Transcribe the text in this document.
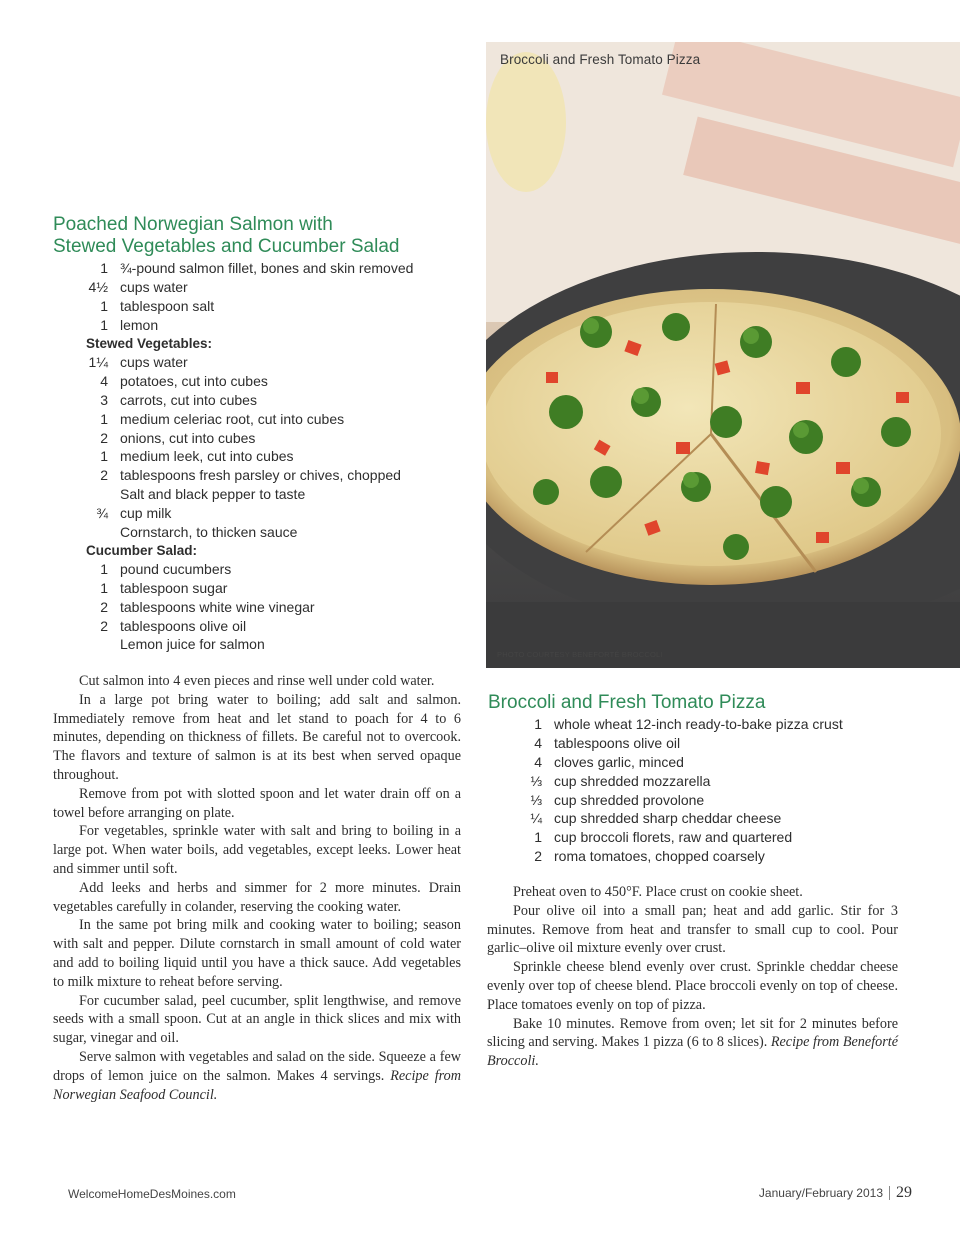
Broccoli and Fresh Tomato Pizza
PHOTO COURTESY BENEFORTÉ BROCCOLI
Poached Norwegian Salmon with
Stewed Vegetables and Cucumber Salad
1 ¾-pound salmon fillet, bones and skin removed
4½ cups water
1 tablespoon salt
1 lemon
Stewed Vegetables:
1¼ cups water
4 potatoes, cut into cubes
3 carrots, cut into cubes
1 medium celeriac root, cut into cubes
2 onions, cut into cubes
1 medium leek, cut into cubes
2 tablespoons fresh parsley or chives, chopped
Salt and black pepper to taste
¾ cup milk
Cornstarch, to thicken sauce
Cucumber Salad:
1 pound cucumbers
1 tablespoon sugar
2 tablespoons white wine vinegar
2 tablespoons olive oil
Lemon juice for salmon

Cut salmon into 4 even pieces and rinse well under cold water.

In a large pot bring water to boiling; add salt and salmon. Immediately remove from heat and let stand to poach for 4 to 6 minutes, depending on thickness of fillets. Be careful not to overcook. The flavors and texture of salmon is at its best when served opaque throughout.

Remove from pot with slotted spoon and let water drain off on a towel before arranging on plate.

For vegetables, sprinkle water with salt and bring to boiling in a large pot. When water boils, add vegetables, except leeks. Lower heat and simmer until soft.

Add leeks and herbs and simmer for 2 more minutes. Drain vegetables carefully in colander, reserving the cooking water.

In the same pot bring milk and cooking water to boiling; season with salt and pepper. Dilute cornstarch in small amount of cold water and add to boiling liquid until you have a thick sauce. Add vegetables to milk mixture to reheat before serving.

For cucumber salad, peel cucumber, split lengthwise, and remove seeds with a small spoon. Cut at an angle in thick slices and mix with sugar, vinegar and oil.

Serve salmon with vegetables and salad on the side. Squeeze a few drops of lemon juice on the salmon. Makes 4 servings. Recipe from Norwegian Seafood Council.

Broccoli and Fresh Tomato Pizza
1 whole wheat 12-inch ready-to-bake pizza crust
4 tablespoons olive oil
4 cloves garlic, minced
⅓ cup shredded mozzarella
⅓ cup shredded provolone
¼ cup shredded sharp cheddar cheese
1 cup broccoli florets, raw and quartered
2 roma tomatoes, chopped coarsely

Preheat oven to 450°F. Place crust on cookie sheet.

Pour olive oil into a small pan; heat and add garlic. Stir for 3 minutes. Remove from heat and transfer to small cup to cool. Pour garlic–olive oil mixture evenly over crust.

Sprinkle cheese blend evenly over crust. Sprinkle cheddar cheese evenly over top of cheese blend. Place broccoli evenly on top of cheese. Place tomatoes evenly on top of pizza.

Bake 10 minutes. Remove from oven; let sit for 2 minutes before slicing and serving. Makes 1 pizza (6 to 8 slices). Recipe from Beneforté Broccoli.

WelcomeHomeDesMoines.com	January/February 2013 29
